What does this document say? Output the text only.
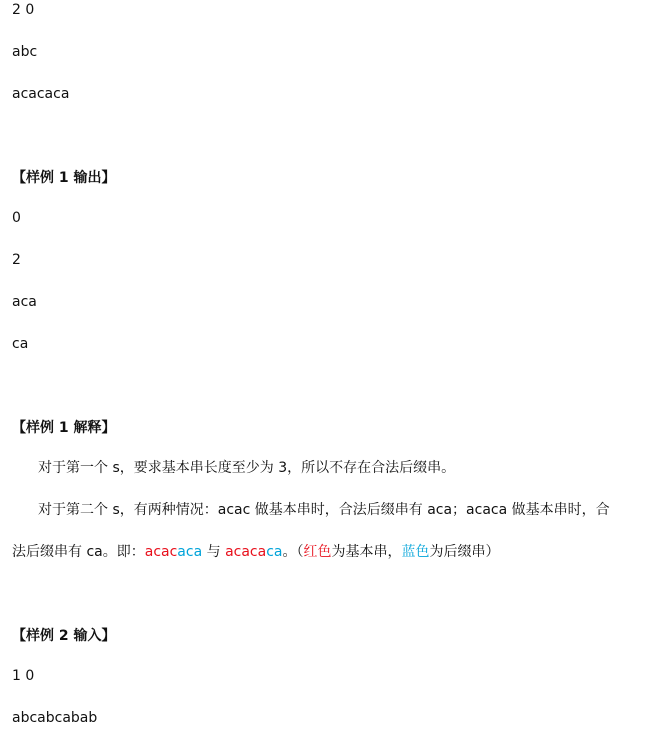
2 0
abc
acacaca
【样例 1 输出】
0
2
aca
ca
【样例 1 解释】
对于第一个 s，要求基本串长度至少为 3，所以不存在合法后缀串。
对于第二个 s，有两种情况：acac 做基本串时，合法后缀串有 aca；acaca 做基本串时，合
法后缀串有 ca。即：acacaca 与 acacaca。（红色为基本串，蓝色为后缀串）
【样例 2 输入】
1 0
abcabcabab
